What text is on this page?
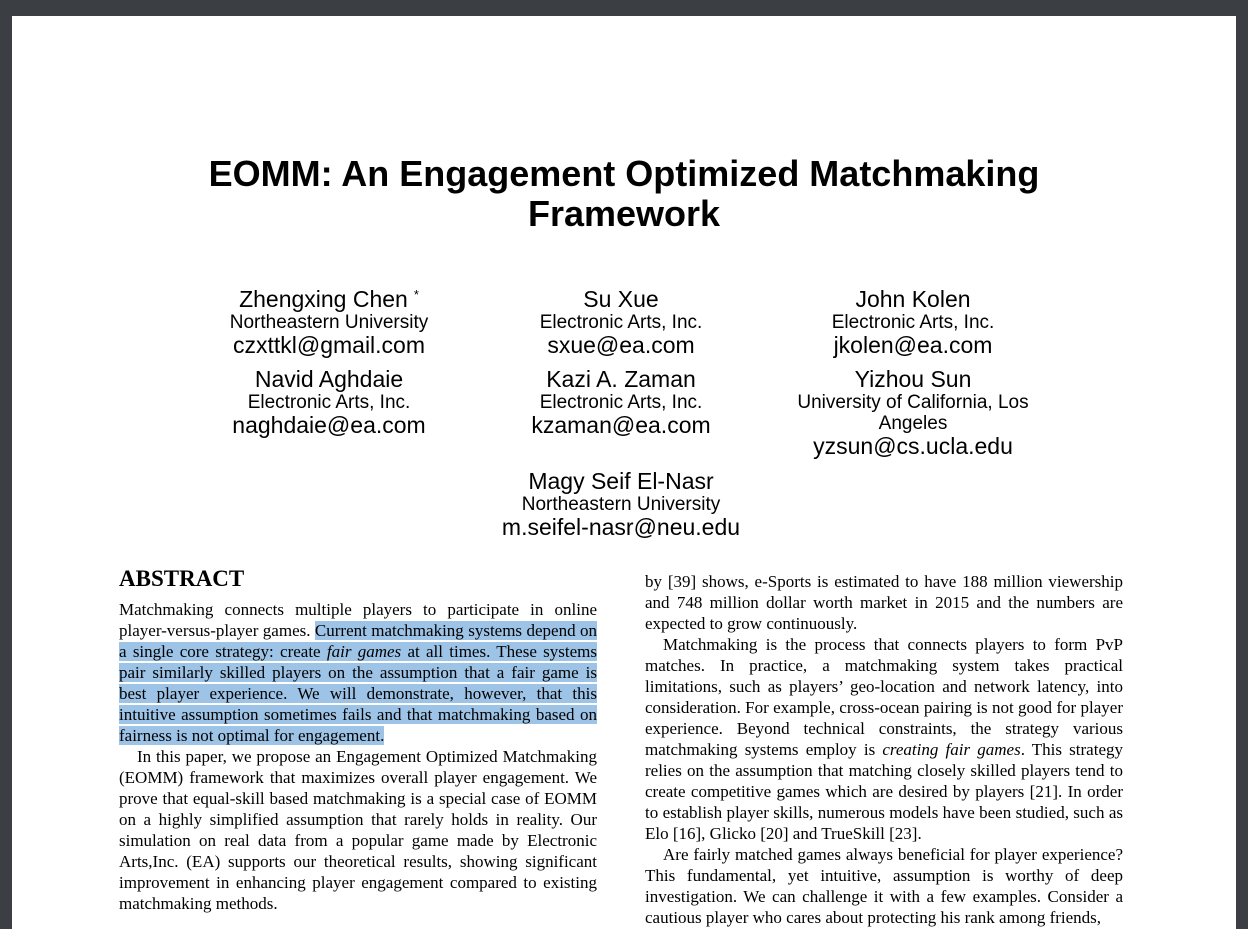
EOMM: An Engagement Optimized Matchmaking
Framework
Zhengxing Chen *
Northeastern University
czxttkl@gmail.com
Su Xue
Electronic Arts, Inc.
sxue@ea.com
John Kolen
Electronic Arts, Inc.
jkolen@ea.com
Navid Aghdaie
Electronic Arts, Inc.
naghdaie@ea.com
Kazi A. Zaman
Electronic Arts, Inc.
kzaman@ea.com
Yizhou Sun
University of California, Los
Angeles
yzsun@cs.ucla.edu
Magy Seif El-Nasr
Northeastern University
m.seifel-nasr@neu.edu
ABSTRACT

Matchmaking connects multiple players to participate in online player-versus-player games. Current matchmaking systems depend on a single core strategy: create fair games at all times. These systems pair similarly skilled players on the assumption that a fair game is best player experience. We will demonstrate, however, that this intuitive assumption sometimes fails and that matchmaking based on fairness is not optimal for engagement.

In this paper, we propose an Engagement Optimized Matchmaking (EOMM) framework that maximizes overall player engagement. We prove that equal-skill based matchmaking is a special case of EOMM on a highly simplified assumption that rarely holds in reality. Our simulation on real data from a popular game made by Electronic Arts,Inc. (EA) supports our theoretical results, showing significant improvement in enhancing player engagement compared to existing matchmaking methods.

by [39] shows, e-Sports is estimated to have 188 million viewership and 748 million dollar worth market in 2015 and the numbers are expected to grow continuously.

Matchmaking is the process that connects players to form PvP matches. In practice, a matchmaking system takes practical limitations, such as players’ geo-location and network latency, into consideration. For example, cross-ocean pairing is not good for player experience. Beyond technical constraints, the strategy various matchmaking systems employ is creating fair games. This strategy relies on the assumption that matching closely skilled players tend to create competitive games which are desired by players [21]. In order to establish player skills, numerous models have been studied, such as Elo [16], Glicko [20] and TrueSkill [23].

Are fairly matched games always beneficial for player experience? This fundamental, yet intuitive, assumption is worthy of deep investigation. We can challenge it with a few examples. Consider a cautious player who cares about protecting his rank among friends,
